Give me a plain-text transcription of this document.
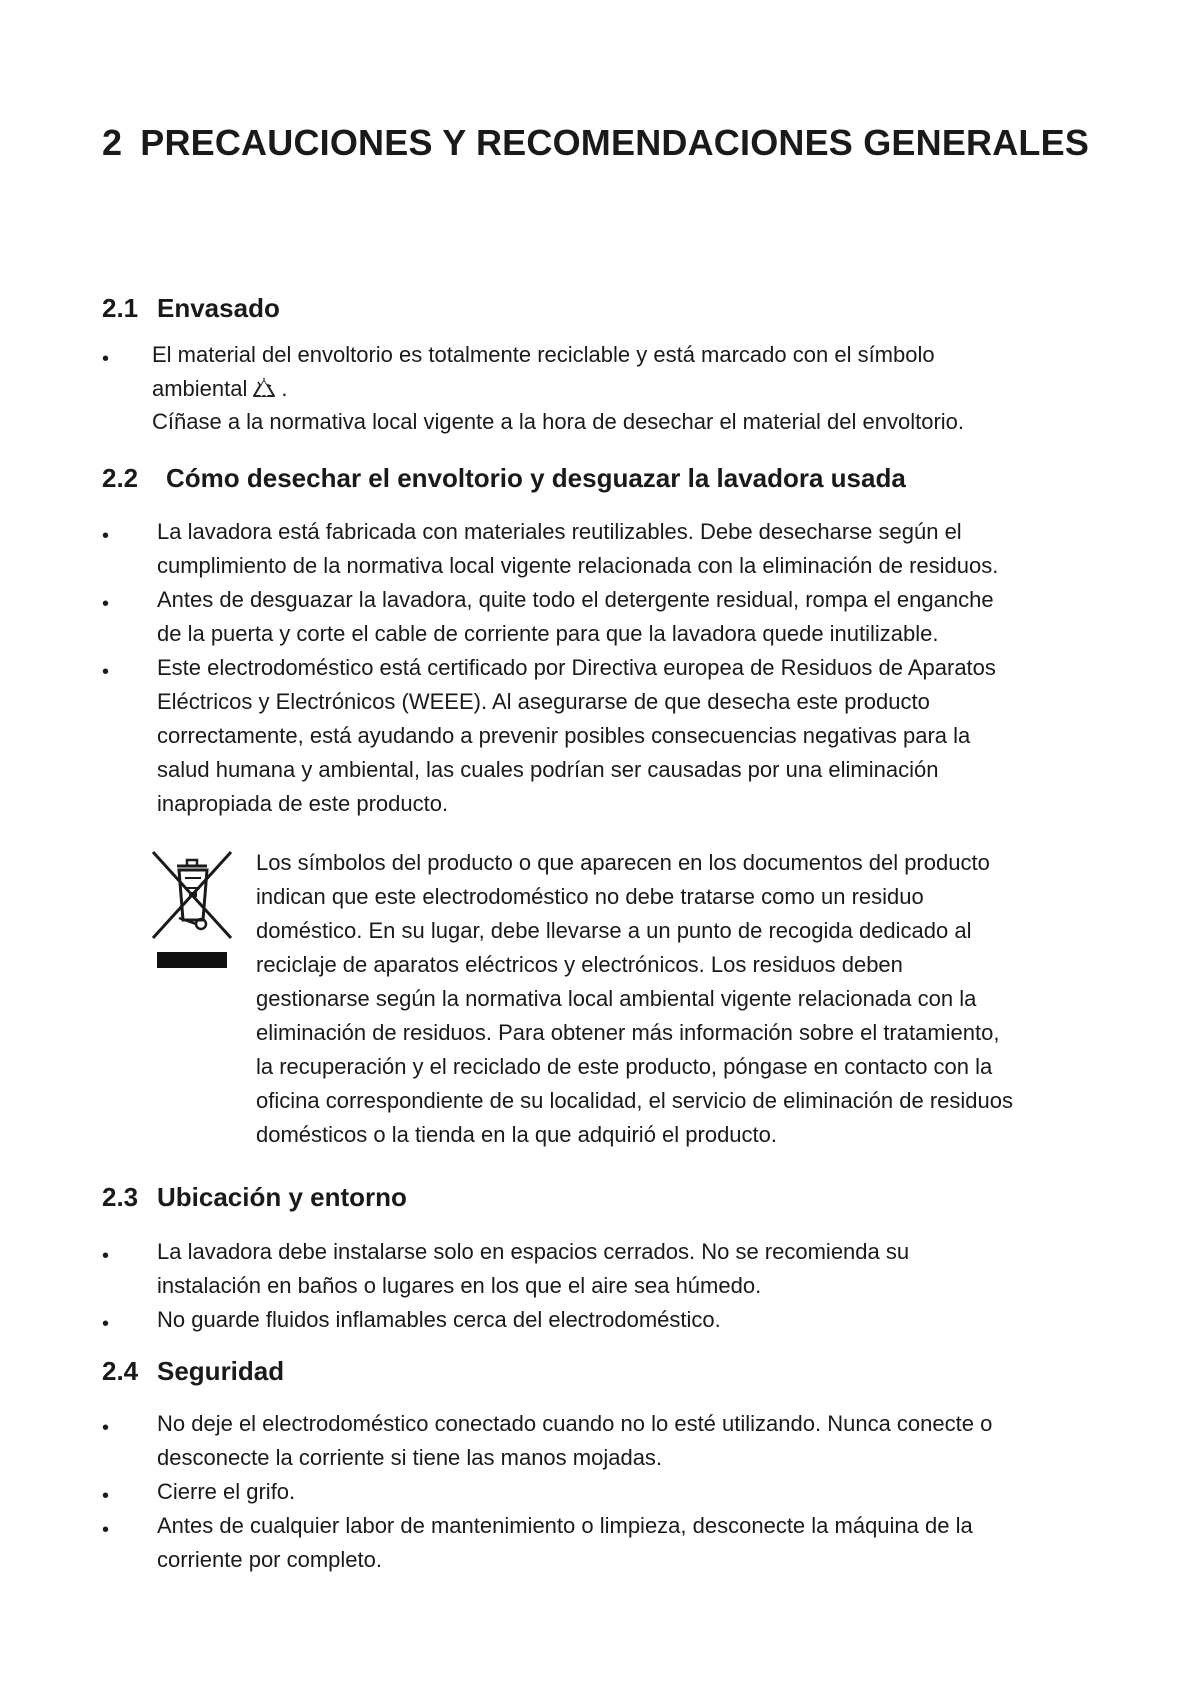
2 PRECAUCIONES Y RECOMENDACIONES GENERALES
2.1 Envasado
• El material del envoltorio es totalmente reciclable y está marcado con el símbolo
ambiental .
Cíñase a la normativa local vigente a la hora de desechar el material del envoltorio.
2.2 Cómo desechar el envoltorio y desguazar la lavadora usada
• La lavadora está fabricada con materiales reutilizables. Debe desecharse según el
cumplimiento de la normativa local vigente relacionada con la eliminación de residuos.
• Antes de desguazar la lavadora, quite todo el detergente residual, rompa el enganche
de la puerta y corte el cable de corriente para que la lavadora quede inutilizable.
• Este electrodoméstico está certificado por Directiva europea de Residuos de Aparatos
Eléctricos y Electrónicos (WEEE). Al asegurarse de que desecha este producto
correctamente, está ayudando a prevenir posibles consecuencias negativas para la
salud humana y ambiental, las cuales podrían ser causadas por una eliminación
inapropiada de este producto.
Los símbolos del producto o que aparecen en los documentos del producto
indican que este electrodoméstico no debe tratarse como un residuo
doméstico. En su lugar, debe llevarse a un punto de recogida dedicado al
reciclaje de aparatos eléctricos y electrónicos. Los residuos deben
gestionarse según la normativa local ambiental vigente relacionada con la
eliminación de residuos. Para obtener más información sobre el tratamiento,
la recuperación y el reciclado de este producto, póngase en contacto con la
oficina correspondiente de su localidad, el servicio de eliminación de residuos
domésticos o la tienda en la que adquirió el producto.
2.3 Ubicación y entorno
• La lavadora debe instalarse solo en espacios cerrados. No se recomienda su
instalación en baños o lugares en los que el aire sea húmedo.
• No guarde fluidos inflamables cerca del electrodoméstico.
2.4 Seguridad
• No deje el electrodoméstico conectado cuando no lo esté utilizando. Nunca conecte o
desconecte la corriente si tiene las manos mojadas.
• Cierre el grifo.
• Antes de cualquier labor de mantenimiento o limpieza, desconecte la máquina de la
corriente por completo.
